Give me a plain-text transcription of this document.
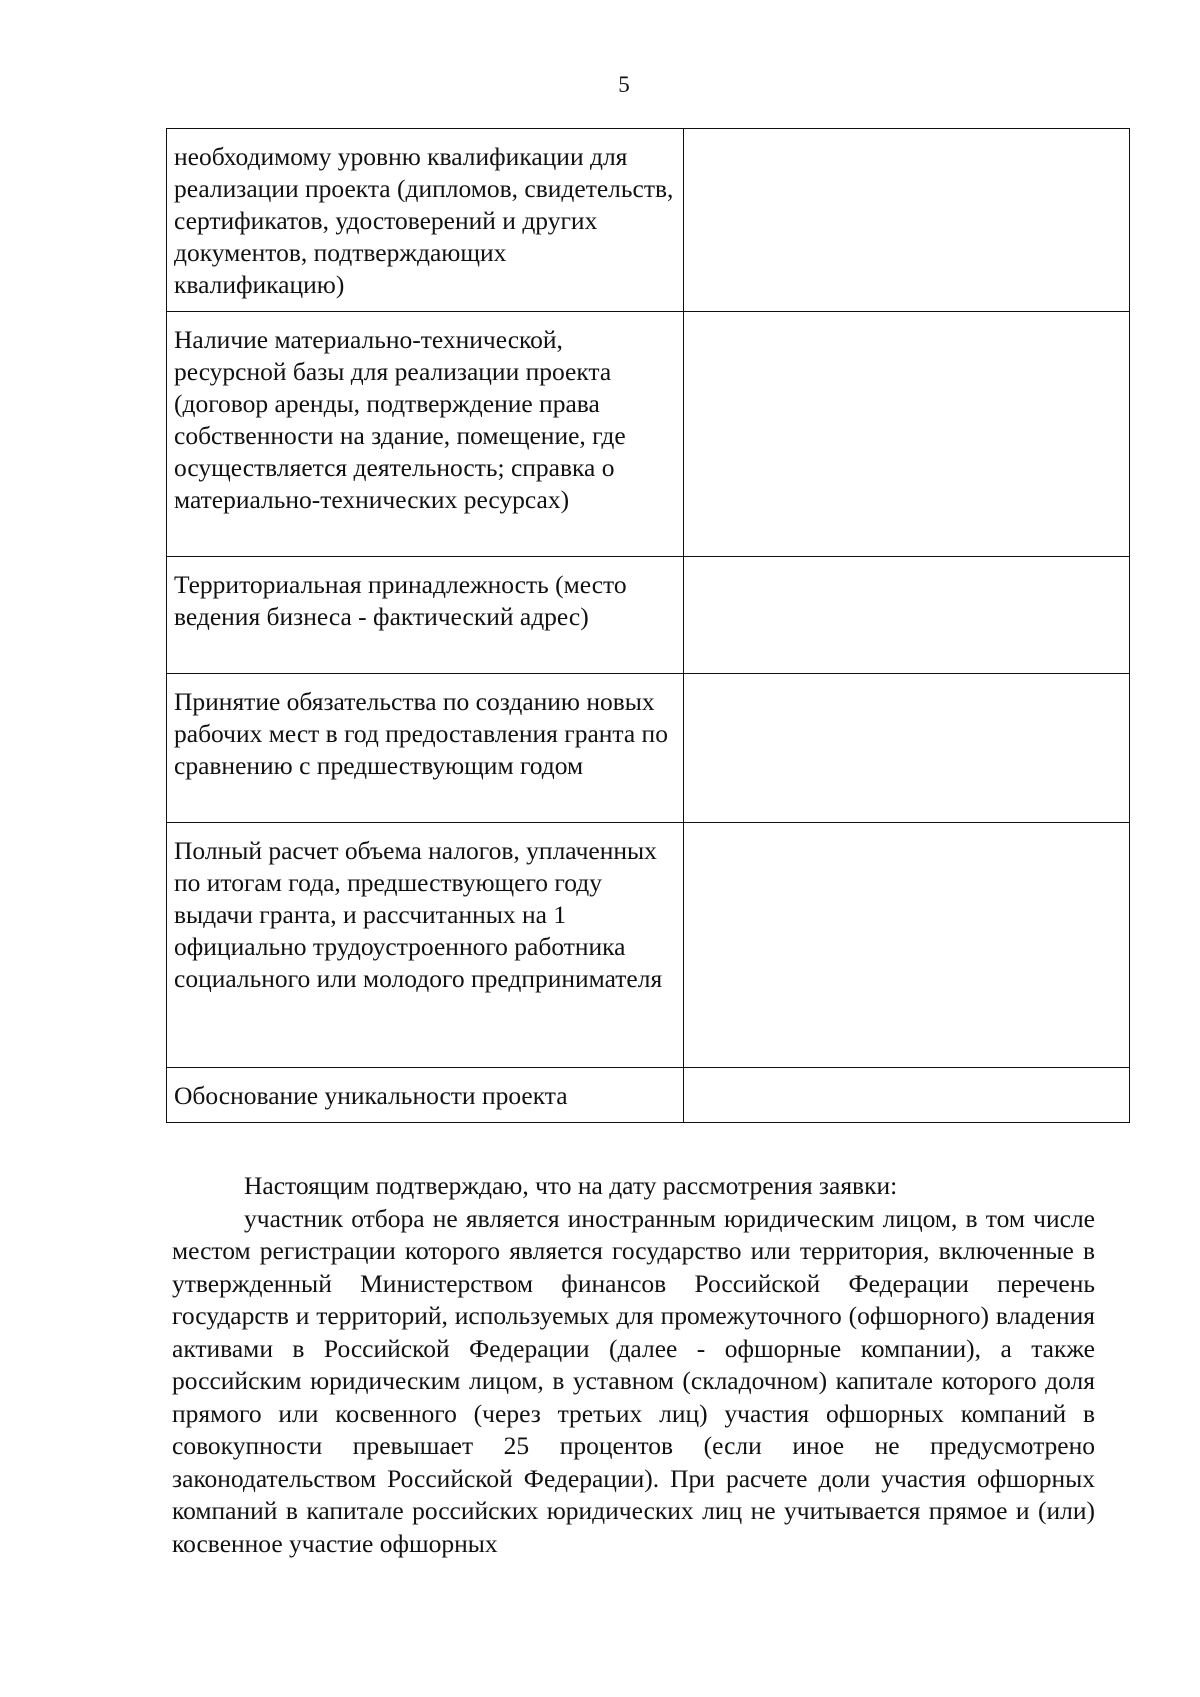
5
необходимому уровню квалификации для реализации проекта (дипломов, свидетельств, сертификатов, удостоверений и других документов, подтверждающих квалификацию)	
Наличие материально-технической, ресурсной базы для реализации проекта (договор аренды, подтверждение права собственности на здание, помещение, где осуществляется деятельность; справка о материально-технических ресурсах)	
Территориальная принадлежность (место ведения бизнеса - фактический адрес)	
Принятие обязательства по созданию новых рабочих мест в год предоставления гранта по сравнению с предшествующим годом	
Полный расчет объема налогов, уплаченных по итогам года, предшествующего году выдачи гранта, и рассчитанных на 1 официально трудоустроенного работника социального или молодого предпринимателя	
Обоснование уникальности проекта	

Настоящим подтверждаю, что на дату рассмотрения заявки:

участник отбора не является иностранным юридическим лицом, в том числе местом регистрации которого является государство или территория, включенные в утвержденный Министерством финансов Российской Федерации перечень государств и территорий, используемых для промежуточного (офшорного) владения активами в Российской Федерации (далее - офшорные компании), а также российским юридическим лицом, в уставном (складочном) капитале которого доля прямого или косвенного (через третьих лиц) участия офшорных компаний в совокупности превышает 25 процентов (если иное не предусмотрено законодательством Российской Федерации). При расчете доли участия офшорных компаний в капитале российских юридических лиц не учитывается прямое и (или) косвенное участие офшорных
